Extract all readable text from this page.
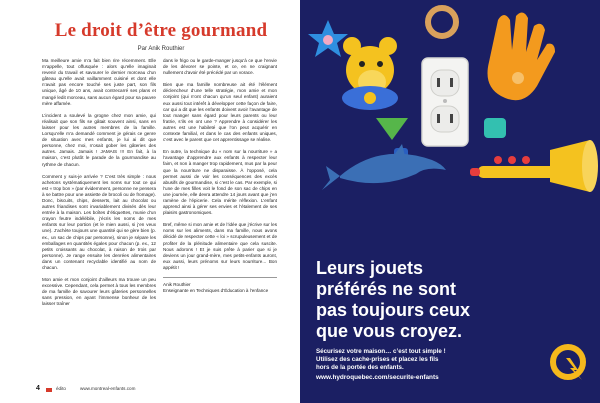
Le droit d’être gourmand

Par Anik Routhier

Ma meilleure amie m’a fait bien rire récemment. Elle m’appelle, tout offusquée : alors qu’elle imaginait revenir du travail et savourer le dernier morceau d’un gâteau qu’elle avait vaillamment cuisiné et dont elle n’avait pas encore touché ses juste part, son fils unique, âgé de 10 ans, avait contrecarré ses plans et mangé ledit morceau, sans aucun égard pour sa pauvre mère affamée.

L’incident a soulevé la grogne chez mon amie, qui réalisait que son fils se gâtait souvent ainsi, sans en laisser pour les autres membres de la famille. Lorsqu’elle m’a demandé comment je gérais ce genre de situation avec mes enfants, je lui ai dit que personne, chez moi, n’osait gober les gâteries des autres. Jamais. Jamais ! JAMAIS !!! En fait, à la maison, c’est plutôt le parade de la gourmandise au rythme de chacun.

Comment y suis-je arrivée ? C’est très simple : nous achetons systématiquement les noms sur tout ce qui est « trop bon » (par évidemment, personne ne pensera à se battre pour une assiette de brocoli ou de fromage). Donc, biscuits, chips, desserts, lait au chocolat ou autres friandises sont invariablement divisés dès leur entrée à la maison. Les boîtes d’étiquettes, munie d’un crayon feutre indélébile, j’écris les noms de mes enfants sur leur portion (et le mien aussi, si j’en veux une). J’achète toujours une quantité qui se gère bien (p. ex., un sac de chips par personne), sinon je sépare les emballages en quantités égales pour chacun (p. ex., 12 petits croissants au chocolat, à raison de trois par personne). Je range ensuite les denrées alimentaires dans un contenant recyclable identifié au nom de chacun.

Mon amie et mon conjoint d’ailleurs ma trouve un peu excessive. Cependant, cela permet à tous les membres de ma famille de savourer leurs gâteries personnelles sans pression, en ayant l’immense bonheur de les laisser traîner

dans le frigo ou le garde-manger jusqu’à ce que l’envie de les dévorer se pointe, et ce, en ne craignant nullement d’avoir été précédé par un vorace.

Bien que ma famille nombreuse ait été l’élément déclencheur d’une telle stratégie, mon amie et mon conjoint (qui n’ont chacun qu’un seul enfant) auraient eux aussi tout intérêt à développer cette façon de faire, car qui a dit que les enfants doivent avoir l’avantage de tout manger sans égard pour leurs parents ou leur fratrie, s’ils en ont une ? Apprendre à considérer les autres est une habileté que l’on peut acquérir en contexte familial, et dans le cas des enfants uniques, c’est avec le parent que cet apprentissage se réalise.

En outre, la technique du « nom sur la nourriture » a l’avantage d’apprendre aux enfants à respecter leur faim, et non à manger trop rapidement, mus par la peur que la nourriture ne disparaisse. À l’opposé, cela permet aussi de voir les conséquences des excès abusifs de gourmandise, si c’est le cas. Par exemple, si l’une de mes filles voit le fond de son sac de chips en une journée, elle devra attendre 14 jours avant que j’en ramène de l’épicerie. Cela mérite réflexion. L’enfant apprend ainsi à gérer ses envies et l’étalement de ses plaisirs gastronomiques.

Bref, même si mon amie et de l’idée que j’écrive sur les noms sur les aliments, dans ma famille, nous avons décidé de respecter cette « loi » scrupuleusement et de profiter de la plénitude alimentaire que cela suscite. Nous adorons ! Et je suis prête à parier que si je deviens un jour grand-mère, mes petits-enfants auront, eux aussi, leurs prénoms sur leurs nourriture... Bon appétit !

Anik Routhier
Enseignante en Techniques d’Éducation à l’enfance
4	édito	www.montreal-enfants.com
Leurs jouets
préférés ne sont
pas toujours ceux
que vous croyez.
Sécurisez votre maison… c’est tout simple !
Utilisez des cache-prises et placez les fils
hors de la portée des enfants.
www.hydroquebec.com/securite-enfants
